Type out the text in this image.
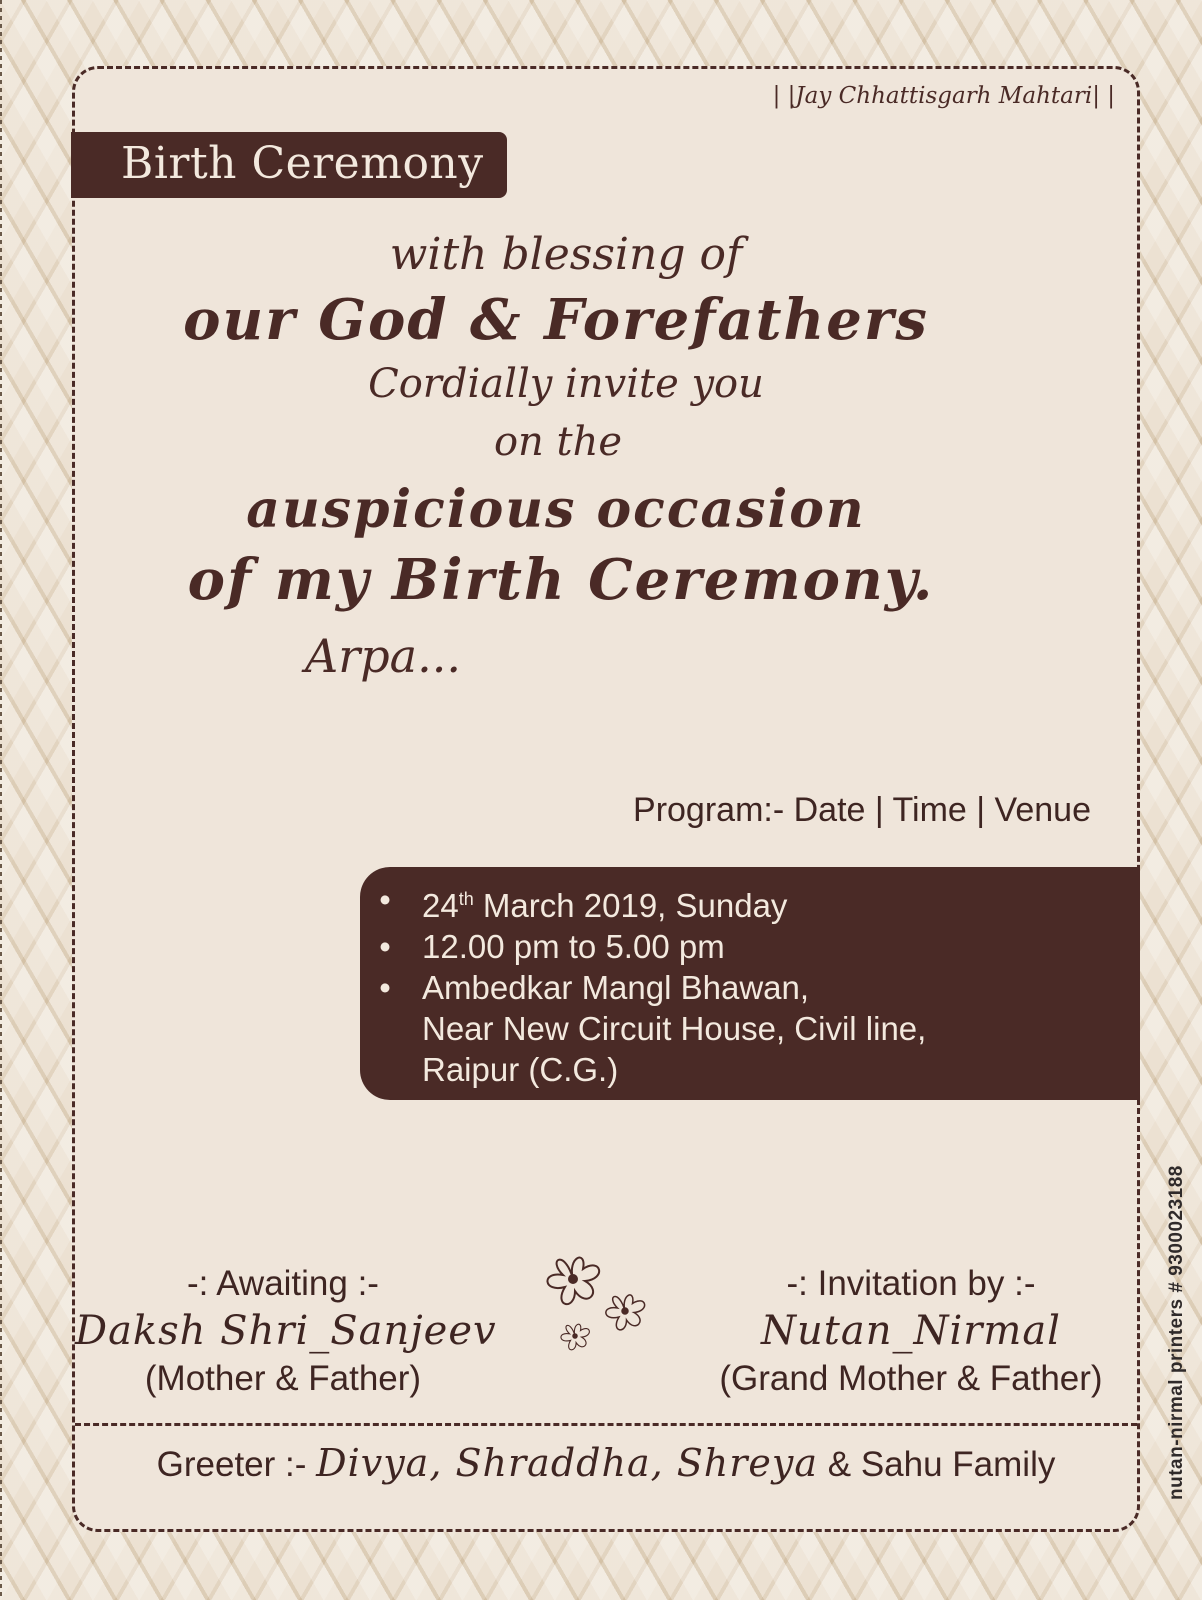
| |Jay Chhattisgarh Mahtari| |
Birth Ceremony
with blessing of
our God & Forefathers
Cordially invite you
on the
auspicious occasion
of my Birth Ceremony.
Arpa...
Program:- Date | Time | Venue
• 24th March 2019, Sunday
• 12.00 pm to 5.00 pm
• Ambedkar Mangl Bhawan,
Near New Circuit House, Civil line,
Raipur (C.G.)
-: Awaiting :-
Daksh Shri_Sanjeev
(Mother & Father)
-: Invitation by :-
Nutan_Nirmal
(Grand Mother & Father)
Greeter :- Divya, Shraddha, Shreya & Sahu Family	nutan-nirmal printers # 9300023188
